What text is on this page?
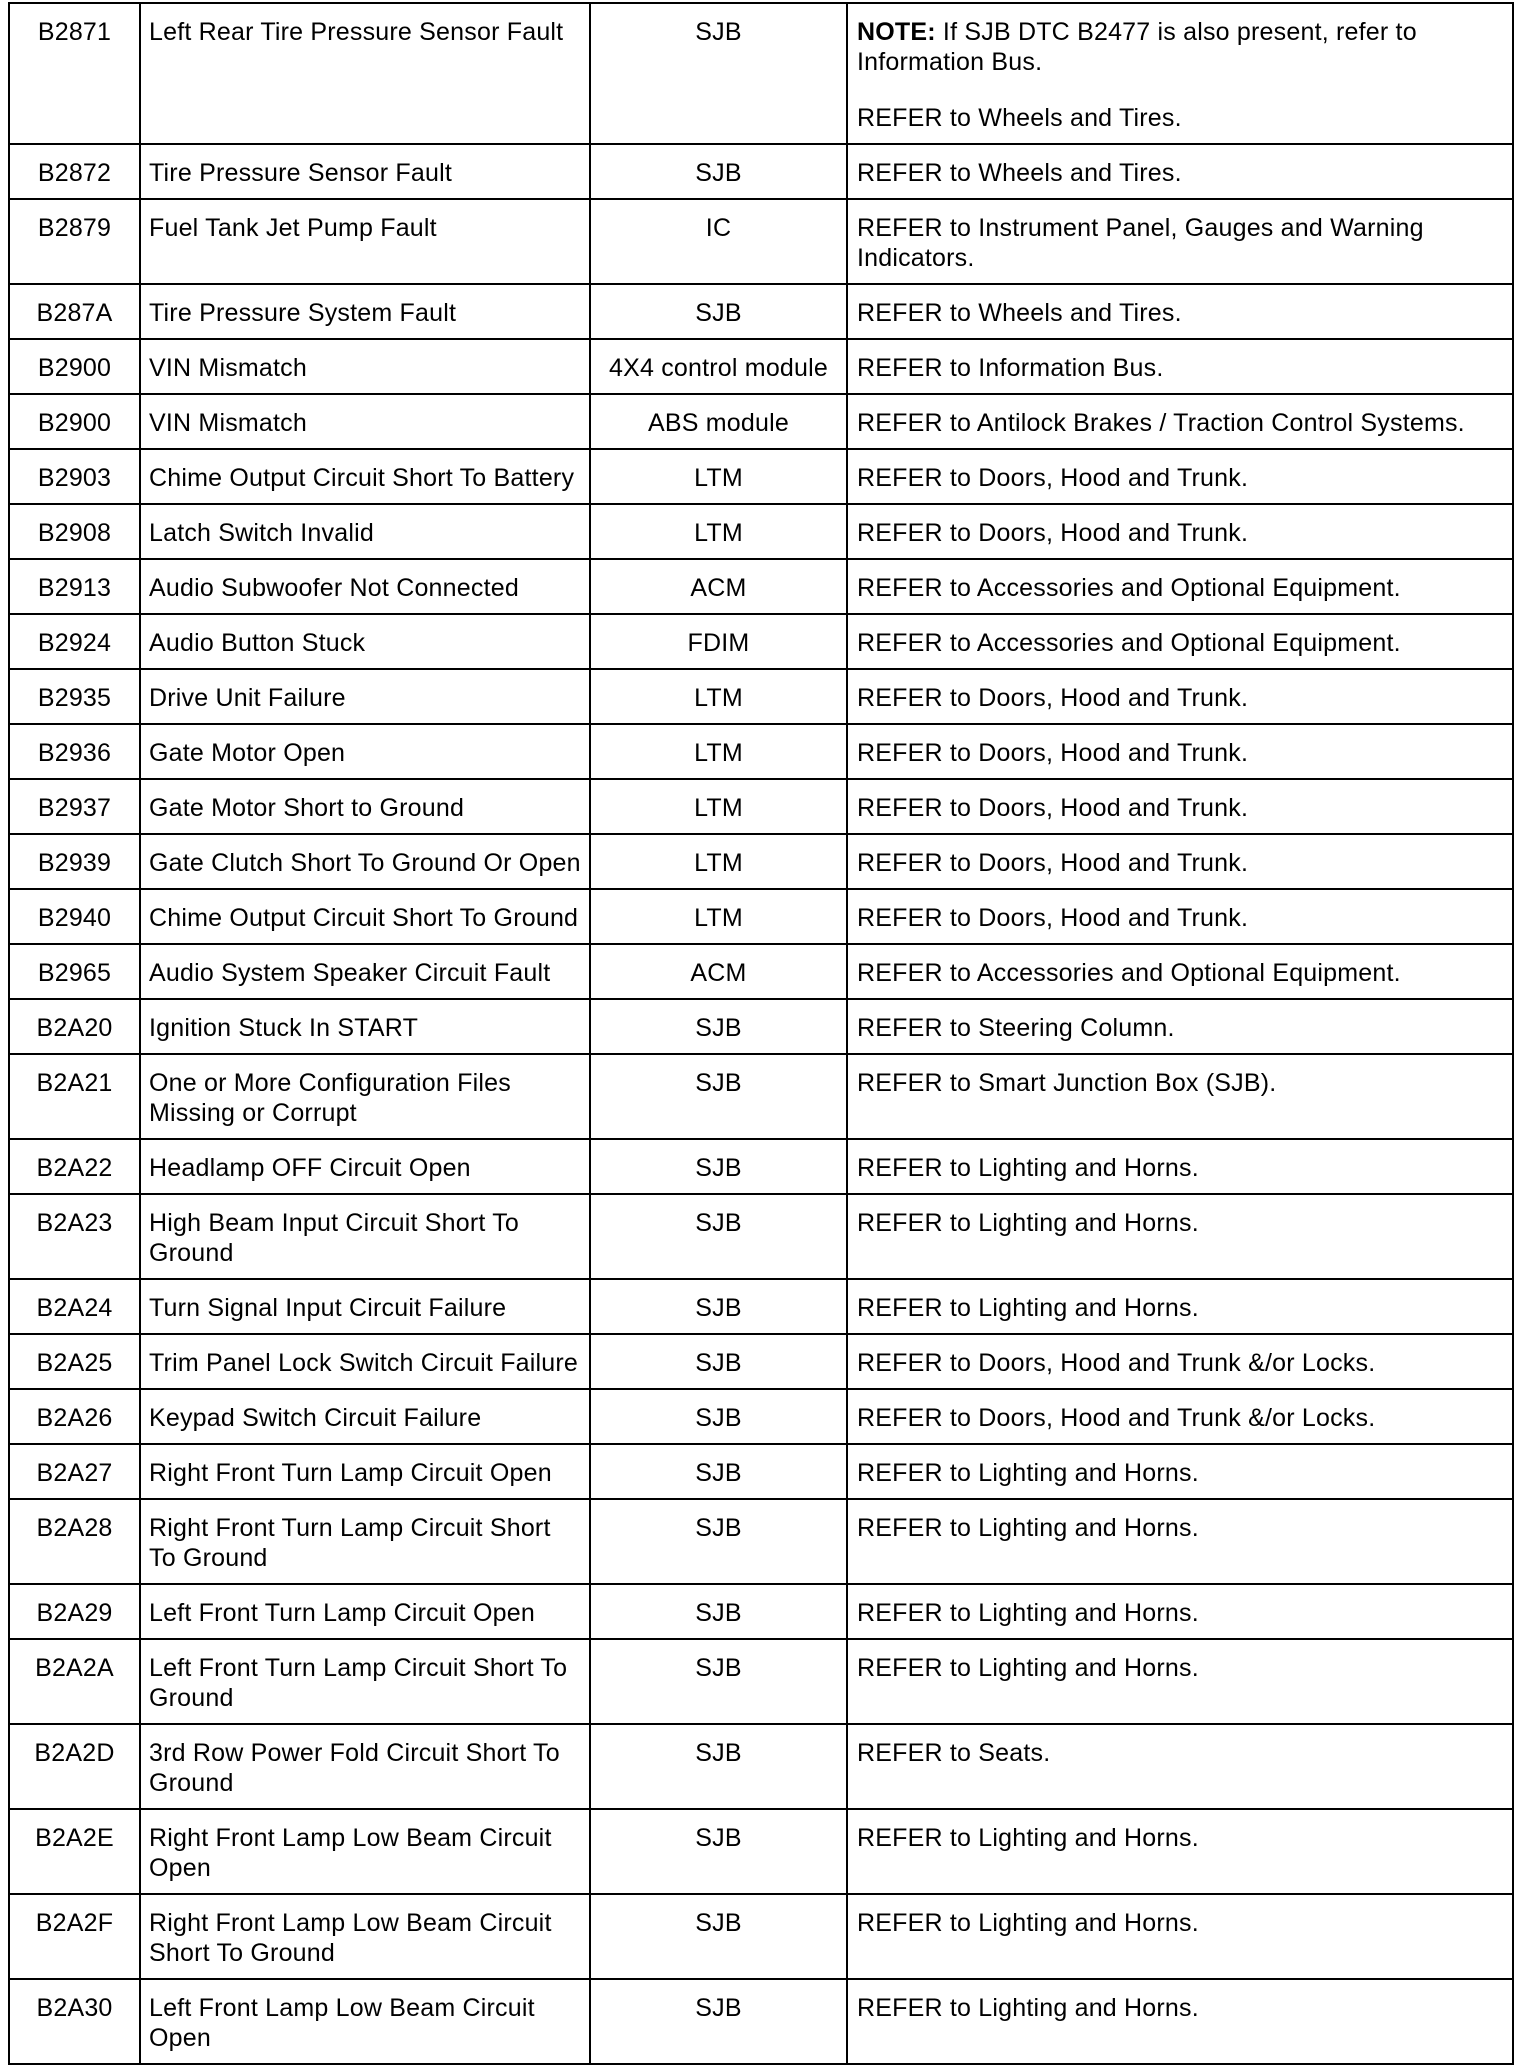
B2871	Left Rear Tire Pressure Sensor Fault	SJB	NOTE: If SJB DTC B2477 is also present, refer to Information Bus.
REFER to Wheels and Tires.

B2872	Tire Pressure Sensor Fault	SJB	REFER to Wheels and Tires.
B2879	Fuel Tank Jet Pump Fault	IC	REFER to Instrument Panel, Gauges and Warning Indicators.
B287A	Tire Pressure System Fault	SJB	REFER to Wheels and Tires.
B2900	VIN Mismatch	4X4 control module	REFER to Information Bus.
B2900	VIN Mismatch	ABS module	REFER to Antilock Brakes / Traction Control Systems.
B2903	Chime Output Circuit Short To Battery	LTM	REFER to Doors, Hood and Trunk.
B2908	Latch Switch Invalid	LTM	REFER to Doors, Hood and Trunk.
B2913	Audio Subwoofer Not Connected	ACM	REFER to Accessories and Optional Equipment.
B2924	Audio Button Stuck	FDIM	REFER to Accessories and Optional Equipment.
B2935	Drive Unit Failure	LTM	REFER to Doors, Hood and Trunk.
B2936	Gate Motor Open	LTM	REFER to Doors, Hood and Trunk.
B2937	Gate Motor Short to Ground	LTM	REFER to Doors, Hood and Trunk.
B2939	Gate Clutch Short To Ground Or Open	LTM	REFER to Doors, Hood and Trunk.
B2940	Chime Output Circuit Short To Ground	LTM	REFER to Doors, Hood and Trunk.
B2965	Audio System Speaker Circuit Fault	ACM	REFER to Accessories and Optional Equipment.
B2A20	Ignition Stuck In START	SJB	REFER to Steering Column.
B2A21	One or More Configuration Files Missing or Corrupt	SJB	REFER to Smart Junction Box (SJB).
B2A22	Headlamp OFF Circuit Open	SJB	REFER to Lighting and Horns.
B2A23	High Beam Input Circuit Short To Ground	SJB	REFER to Lighting and Horns.
B2A24	Turn Signal Input Circuit Failure	SJB	REFER to Lighting and Horns.
B2A25	Trim Panel Lock Switch Circuit Failure	SJB	REFER to Doors, Hood and Trunk &/or Locks.
B2A26	Keypad Switch Circuit Failure	SJB	REFER to Doors, Hood and Trunk &/or Locks.
B2A27	Right Front Turn Lamp Circuit Open	SJB	REFER to Lighting and Horns.
B2A28	Right Front Turn Lamp Circuit Short To Ground	SJB	REFER to Lighting and Horns.
B2A29	Left Front Turn Lamp Circuit Open	SJB	REFER to Lighting and Horns.
B2A2A	Left Front Turn Lamp Circuit Short To Ground	SJB	REFER to Lighting and Horns.
B2A2D	3rd Row Power Fold Circuit Short To Ground	SJB	REFER to Seats.
B2A2E	Right Front Lamp Low Beam Circuit Open	SJB	REFER to Lighting and Horns.
B2A2F	Right Front Lamp Low Beam Circuit Short To Ground	SJB	REFER to Lighting and Horns.
B2A30	Left Front Lamp Low Beam Circuit Open	SJB	REFER to Lighting and Horns.
